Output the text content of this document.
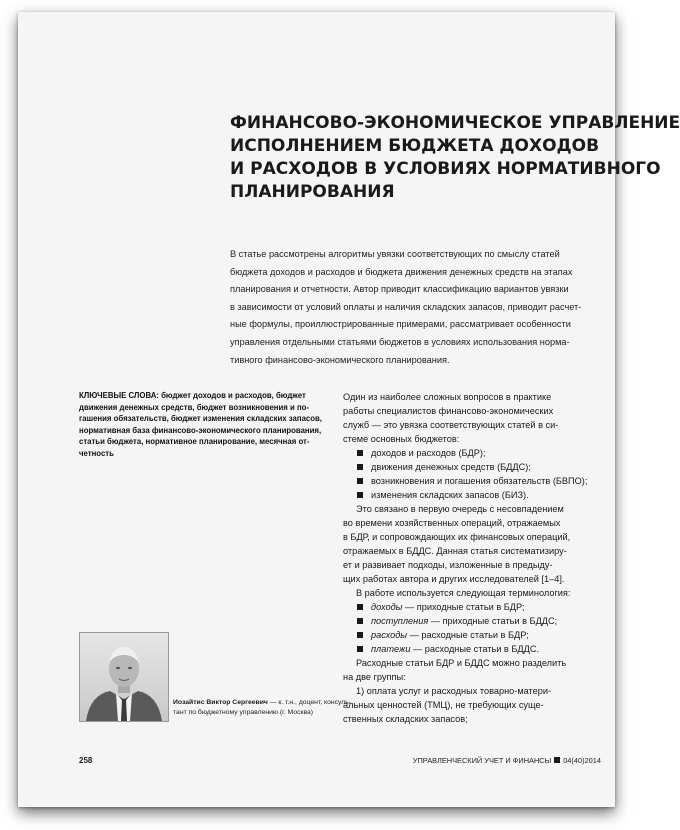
ФИНАНСОВО-ЭКОНОМИЧЕСКОЕ УПРАВЛЕНИЕ
ИСПОЛНЕНИЕМ БЮДЖЕТА ДОХОДОВ
И РАСХОДОВ В УСЛОВИЯХ НОРМАТИВНОГО
ПЛАНИРОВАНИЯ
В статье рассмотрены алгоритмы увязки соответствующих по смыслу статей
бюджета доходов и расходов и бюджета движения денежных средств на этапах
планирования и отчетности. Автор приводит классификацию вариантов увязки
в зависимости от условий оплаты и наличия складских запасов, приводит расчет-
ные формулы, проиллюстрированные примерами, рассматривает особенности
управления отдельными статьями бюджетов в условиях использования норма-
тивного финансово-экономического планирования.
КЛЮЧЕВЫЕ СЛОВА: бюджет доходов и расходов, бюджет
движения денежных средств, бюджет возникновения и по-
гашения обязательств, бюджет изменения складских запасов,
нормативная база финансово-экономического планирования,
статьи бюджета, нормативное планирование, месячная от-
четность
Иозайтис Виктор Сергеевич — к. т.н., доцент, консуль-
тант по бюджетному управлению (г. Москва)
Один из наиболее сложных вопросов в практике
работы специалистов финансово-экономических
служб — это увязка соответствующих статей в си-
стеме основных бюджетов:
доходов и расходов (БДР);
движения денежных средств (БДДС);
возникновения и погашения обязательств (БВПО);
изменения складских запасов (БИЗ).
Это связано в первую очередь с несовпадением
во времени хозяйственных операций, отражаемых
в БДР, и сопровождающих их финансовых операций,
отражаемых в БДДС. Данная статья систематизиру-
ет и развивает подходы, изложенные в предыду-
щих работах автора и других исследователей [1–4].
В работе используется следующая терминология:
доходы — приходные статьи в БДР;
поступления — приходные статьи в БДДС;
расходы — расходные статьи в БДР;
платежи — расходные статьи в БДДС.
Расходные статьи БДР и БДДС можно разделить
на две группы:
1) оплата услуг и расходных товарно-матери-
альных ценностей (ТМЦ), не требующих суще-
ственных складских запасов;
258	УПРАВЛЕНЧЕСКИЙ УЧЕТ И ФИНАНСЫ 04(40)2014
